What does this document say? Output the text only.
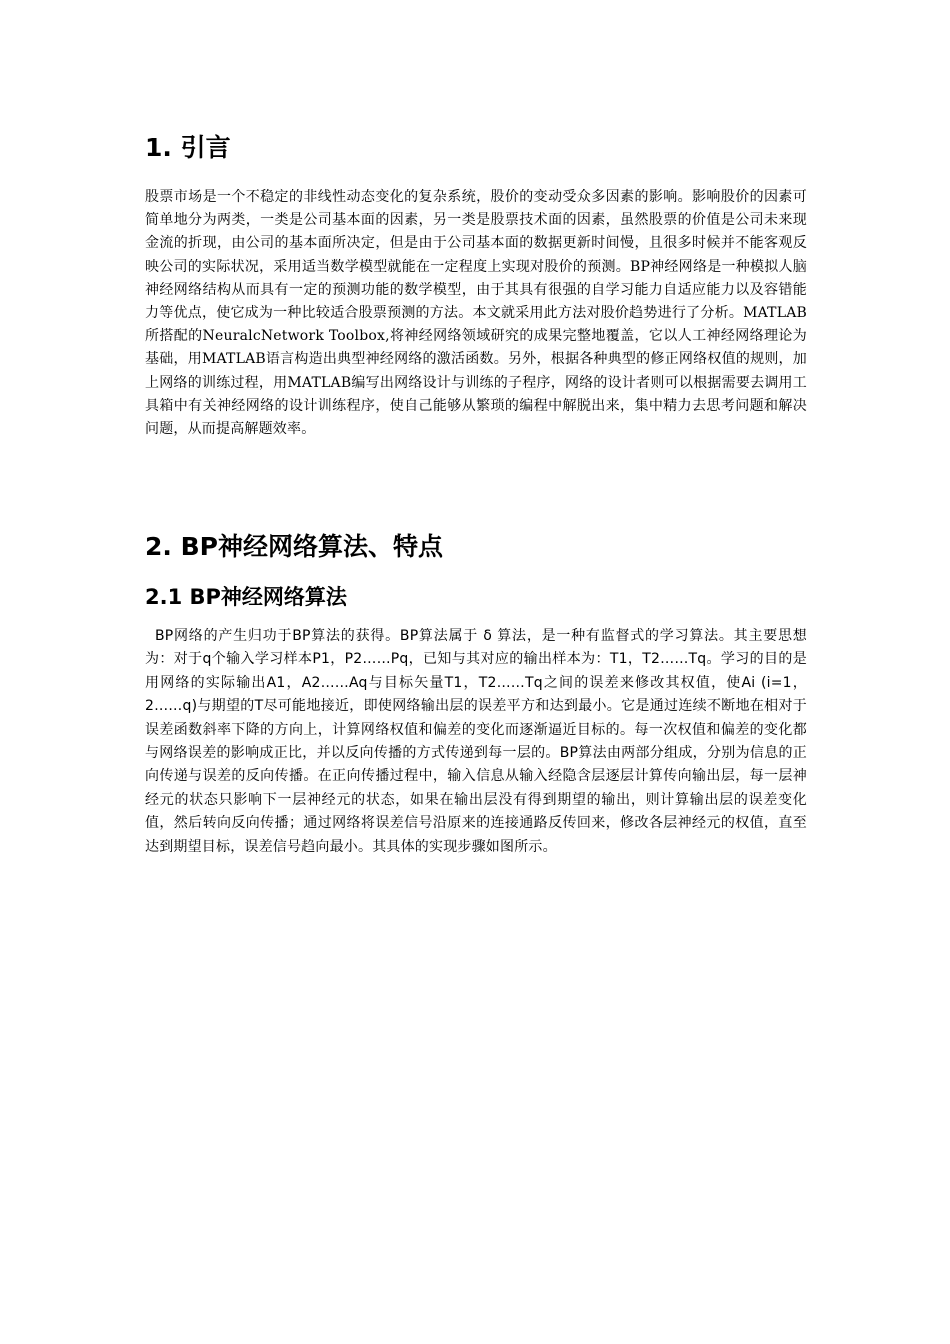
1. 引言
股票市场是一个不稳定的非线性动态变化的复杂系统，股价的变动受众多因素的影响。影响股价的因素可简单地分为两类，一类是公司基本面的因素，另一类是股票技术面的因素，虽然股票的价值是公司未来现金流的折现，由公司的基本面所决定，但是由于公司基本面的数据更新时间慢，且很多时候并不能客观反映公司的实际状况，采用适当数学模型就能在一定程度上实现对股价的预测。BP神经网络是一种模拟人脑神经网络结构从而具有一定的预测功能的数学模型，由于其具有很强的自学习能力自适应能力以及容错能力等优点，使它成为一种比较适合股票预测的方法。本文就采用此方法对股价趋势进行了分析。MATLAB所搭配的NeuralcNetwork Toolbox,将神经网络领域研究的成果完整地覆盖，它以人工神经网络理论为基础，用MATLAB语言构造出典型神经网络的激活函数。另外，根据各种典型的修正网络权值的规则，加上网络的训练过程，用MATLAB编写出网络设计与训练的子程序，网络的设计者则可以根据需要去调用工具箱中有关神经网络的设计训练程序，使自己能够从繁琐的编程中解脱出来，集中精力去思考问题和解决问题，从而提高解题效率。
2. BP神经网络算法、特点
2.1 BP神经网络算法
BP网络的产生归功于BP算法的获得。BP算法属于 δ 算法，是一种有监督式的学习算法。其主要思想为：对于q个输入学习样本P1，P2……Pq，已知与其对应的输出样本为：T1，T2……Tq。学习的目的是用网络的实际输出A1，A2……Aq与目标矢量T1，T2……Tq之间的误差来修改其权值，使Ai (i=1，2……q)与期望的T尽可能地接近，即使网络输出层的误差平方和达到最小。它是通过连续不断地在相对于误差函数斜率下降的方向上，计算网络权值和偏差的变化而逐渐逼近目标的。每一次权值和偏差的变化都与网络误差的影响成正比，并以反向传播的方式传递到每一层的。BP算法由两部分组成，分别为信息的正向传递与误差的反向传播。在正向传播过程中，输入信息从输入经隐含层逐层计算传向输出层，每一层神经元的状态只影响下一层神经元的状态，如果在输出层没有得到期望的输出，则计算输出层的误差变化值，然后转向反向传播；通过网络将误差信号沿原来的连接通路反传回来，修改各层神经元的权值，直至达到期望目标，误差信号趋向最小。其具体的实现步骤如图所示。
